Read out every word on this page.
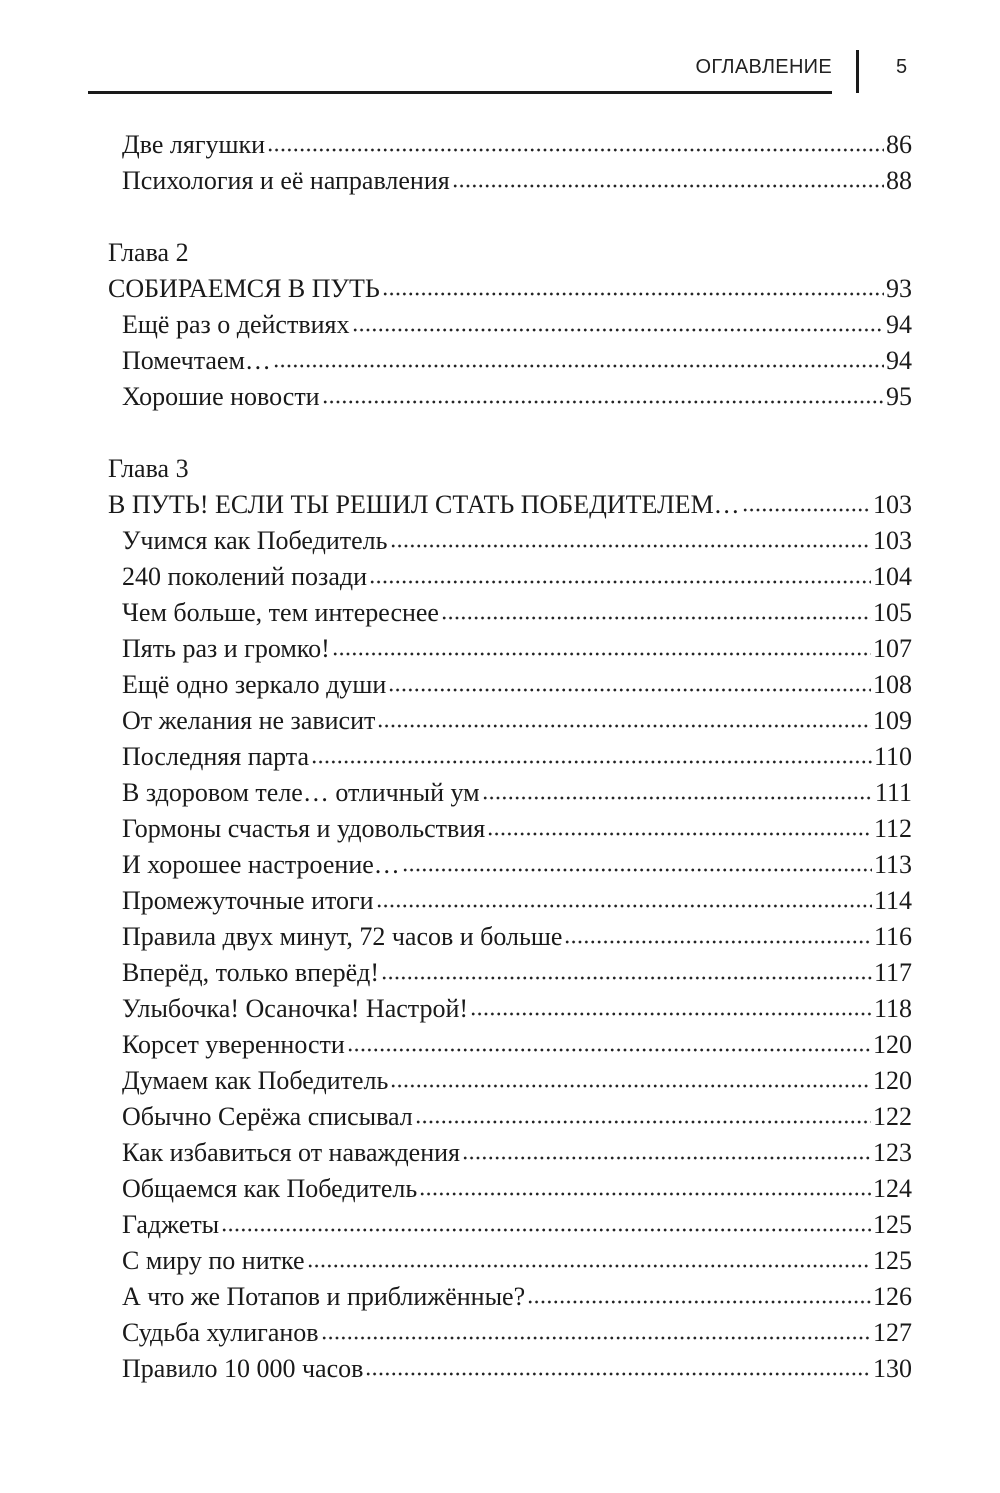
ОГЛАВЛЕНИЕ	5
Две лягушки	86
Психология и её направления	88
Глава 2
СОБИРАЕМСЯ В ПУТЬ	93
Ещё раз о действиях	94
Помечтаем…	94
Хорошие новости	95
Глава 3
В ПУТЬ! ЕСЛИ ТЫ РЕШИЛ СТАТЬ ПОБЕДИТЕЛЕМ…	103
Учимся как Победитель	103
240 поколений позади	104
Чем больше, тем интереснее	105
Пять раз и громко!	107
Ещё одно зеркало души	108
От желания не зависит	109
Последняя парта	110
В здоровом теле… отличный ум	111
Гормоны счастья и удовольствия	112
И хорошее настроение…	113
Промежуточные итоги	114
Правила двух минут, 72 часов и больше	116
Вперёд, только вперёд!	117
Улыбочка! Осаночка! Настрой!	118
Корсет уверенности	120
Думаем как Победитель	120
Обычно Серёжа списывал	122
Как избавиться от наваждения	123
Общаемся как Победитель	124
Гаджеты	125
С миру по нитке	125
А что же Потапов и приближённые?	126
Судьба хулиганов	127
Правило 10 000 часов	130
